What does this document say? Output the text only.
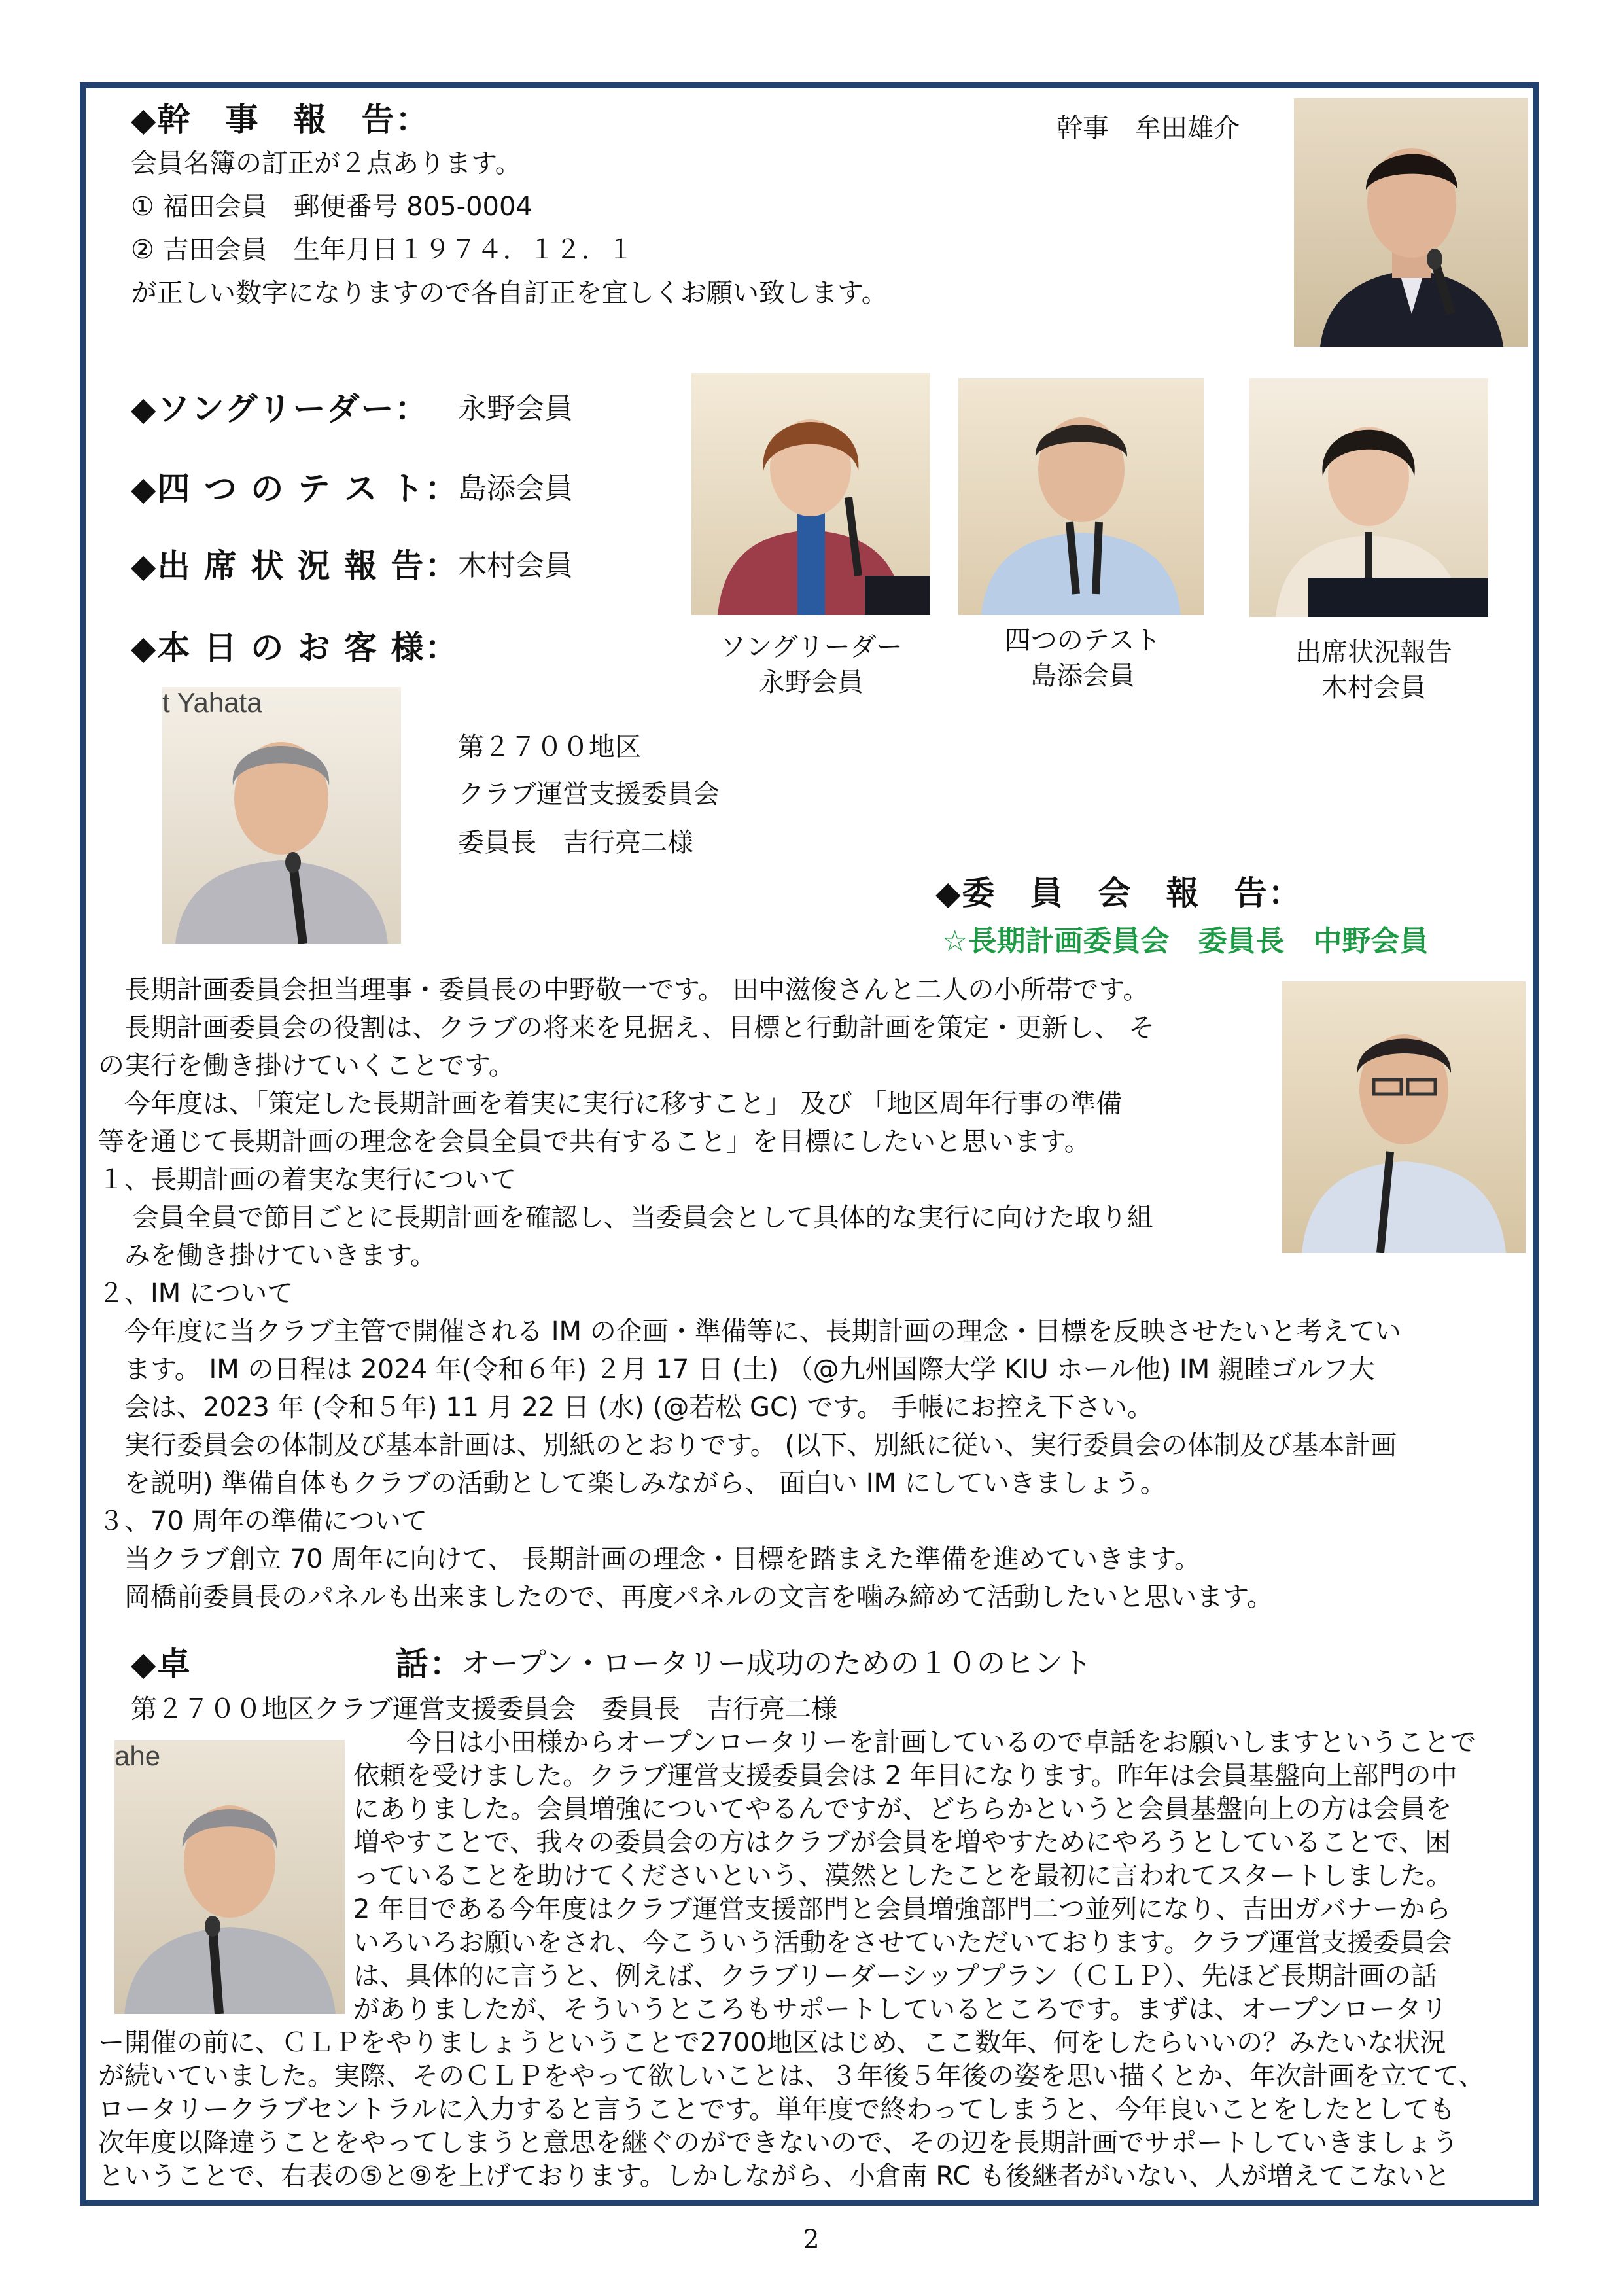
◆幹　事　報　告：	幹事　牟田雄介
会員名簿の訂正が２点あります。
① 福田会員　郵便番号 805-0004
② 吉田会員　生年月日１９７４．１２．１
が正しい数字になりますので各自訂正を宜しくお願い致します。
◆ソングリーダー： 永野会員
◆四 つ の テ ス ト：
島添会員
◆出 席 状 況 報 告：
木村会員
ソングリーダー
永野会員
四つのテスト
島添会員
出席状況報告
木村会員
◆本 日 の お 客 様：
t Yahata
第２７００地区
クラブ運営支援委員会
委員長　吉行亮二様
◆委　員　会　報　告：
☆長期計画委員会　委員長　中野会員
　長期計画委員会担当理事・委員長の中野敬一です。 田中滋俊さんと二人の小所帯です。
　長期計画委員会の役割は、クラブの将来を見据え、目標と行動計画を策定・更新し、 そ
の実行を働き掛けていくことです。
　今年度は、「策定した長期計画を着実に実行に移すこと」 及び 「地区周年行事の準備
等を通じて長期計画の理念を会員全員で共有すること」を目標にしたいと思います。
１、長期計画の着実な実行について
　 会員全員で節目ごとに長期計画を確認し、当委員会として具体的な実行に向けた取り組
　みを働き掛けていきます。
２、IM について
　今年度に当クラブ主管で開催される IM の企画・準備等に、長期計画の理念・目標を反映させたいと考えてい
　ます。 IM の日程は 2024 年(令和６年) ２月 17 日 (土) （@九州国際大学 KIU ホール他) IM 親睦ゴルフ大
　会は、2023 年 (令和５年) 11 月 22 日 (水) (@若松 GC) です。 手帳にお控え下さい。
　実行委員会の体制及び基本計画は、別紙のとおりです。 (以下、別紙に従い、実行委員会の体制及び基本計画
　を説明) 準備自体もクラブの活動として楽しみながら、 面白い IM にしていきましょう。
３、70 周年の準備について
　当クラブ創立 70 周年に向けて、 長期計画の理念・目標を踏まえた準備を進めていきます。
　岡橋前委員長のパネルも出来ましたので、再度パネルの文言を噛み締めて活動したいと思います。
◆卓　　　　　　話：
オープン・ロータリー成功のための１０のヒント
第２７００地区クラブ運営支援委員会　委員長　吉行亮二様
ahe	　　今日は小田様からオープンロータリーを計画しているので卓話をお願いしますということで
依頼を受けました。クラブ運営支援委員会は 2 年目になります。昨年は会員基盤向上部門の中
にありました。会員増強についてやるんですが、どちらかというと会員基盤向上の方は会員を
増やすことで、我々の委員会の方はクラブが会員を増やすためにやろうとしていることで、困
っていることを助けてくださいという、漠然としたことを最初に言われてスタートしました。
2 年目である今年度はクラブ運営支援部門と会員増強部門二つ並列になり、吉田ガバナーから
いろいろお願いをされ、今こういう活動をさせていただいております。クラブ運営支援委員会
は、具体的に言うと、例えば、クラブリーダーシッププラン（ＣＬＰ）、先ほど長期計画の話
がありましたが、そういうところもサポートしているところです。まずは、オープンロータリ
ー開催の前に、ＣＬＰをやりましょうということで2700地区はじめ、ここ数年、何をしたらいいの？みたいな状況
が続いていました。実際、そのＣＬＰをやって欲しいことは、３年後５年後の姿を思い描くとか、年次計画を立てて、
ロータリークラブセントラルに入力すると言うことです。単年度で終わってしまうと、今年良いことをしたとしても
次年度以降違うことをやってしまうと意思を継ぐのができないので、その辺を長期計画でサポートしていきましょう
ということで、右表の⑤と⑨を上げております。しかしながら、小倉南 RC も後継者がいない、人が増えてこないと
2
